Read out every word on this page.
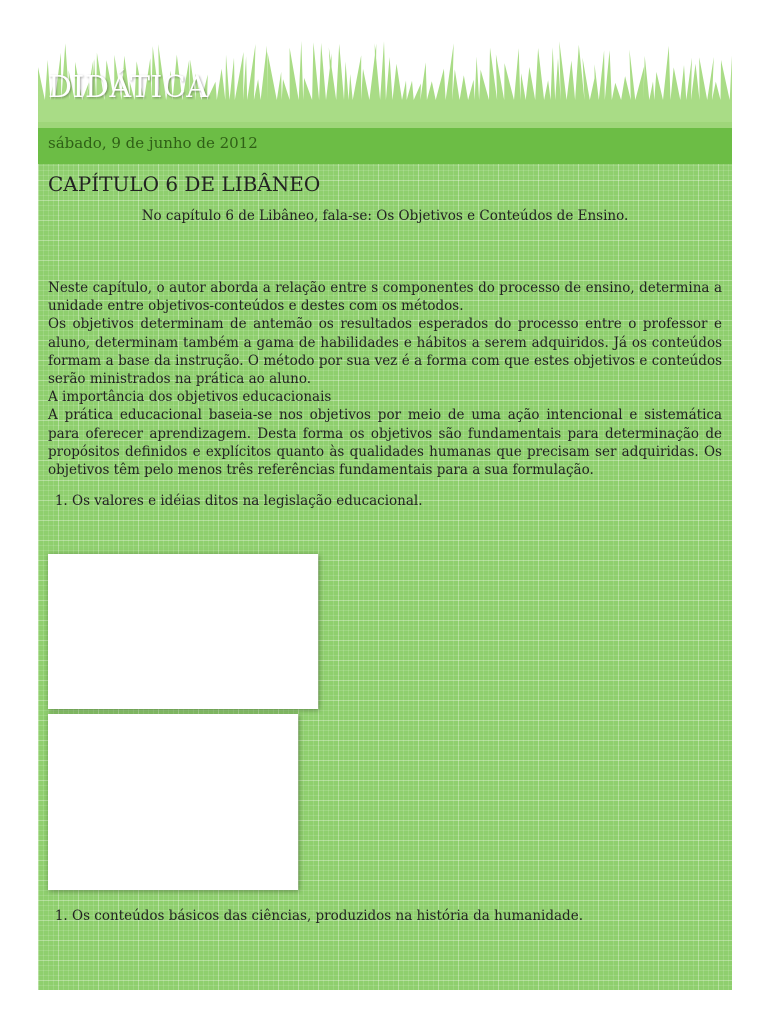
DIDÁTICA
sábado, 9 de junho de 2012
CAPÍTULO 6 DE LIBÂNEO

No capítulo 6 de Libâneo, fala-se: Os Objetivos e Conteúdos de Ensino.

Neste capítulo, o autor aborda a relação entre s componentes do processo de ensino, determina a unidade entre objetivos-conteúdos e destes com os métodos.

Os objetivos determinam de antemão os resultados esperados do processo entre o professor e aluno, determinam também a gama de habilidades e hábitos a serem adquiridos. Já os conteúdos formam a base da instrução. O método por sua vez é a forma com que estes objetivos e conteúdos serão ministrados na prática ao aluno.

A importância dos objetivos educacionais

A prática educacional baseia-se nos objetivos por meio de uma ação intencional e sistemática para oferecer aprendizagem. Desta forma os objetivos são fundamentais para determinação de propósitos definidos e explícitos quanto às qualidades humanas que precisam ser adquiridas. Os objetivos têm pelo menos três referências fundamentais para a sua formulação.

1. Os valores e idéias ditos na legislação educacional.
1. Os conteúdos básicos das ciências, produzidos na história da humanidade.
